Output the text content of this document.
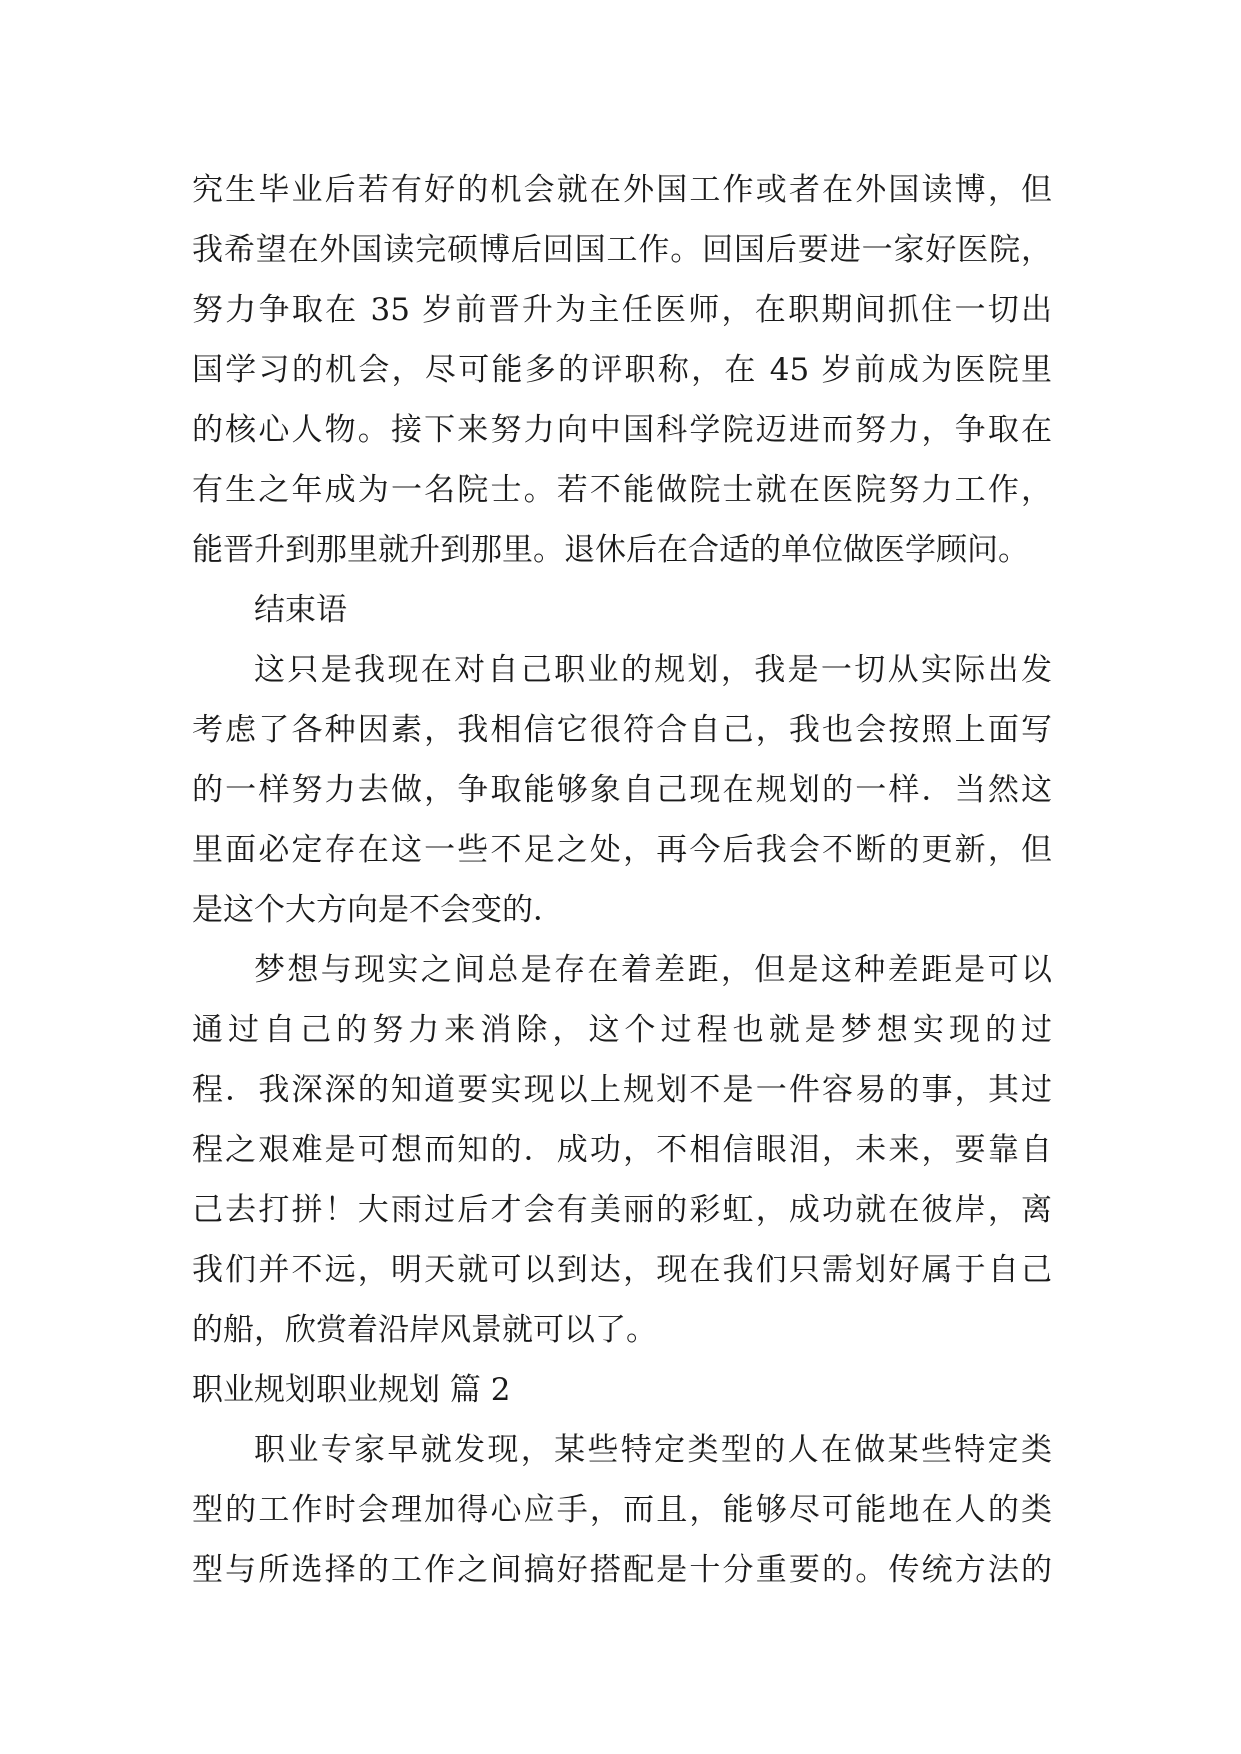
究生毕业后若有好的机会就在外国工作或者在外国读博，但
我希望在外国读完硕博后回国工作。回国后要进一家好医院，
努力争取在 35 岁前晋升为主任医师，在职期间抓住一切出
国学习的机会，尽可能多的评职称，在 45 岁前成为医院里
的核心人物。接下来努力向中国科学院迈进而努力，争取在
有生之年成为一名院士。若不能做院士就在医院努力工作，
能晋升到那里就升到那里。退休后在合适的单位做医学顾问。
结束语
这只是我现在对自己职业的规划，我是一切从实际出发
考虑了各种因素，我相信它很符合自己，我也会按照上面写
的一样努力去做，争取能够象自己现在规划的一样．当然这
里面必定存在这一些不足之处，再今后我会不断的更新，但
是这个大方向是不会变的．
梦想与现实之间总是存在着差距，但是这种差距是可以
通过自己的努力来消除，这个过程也就是梦想实现的过
程．我深深的知道要实现以上规划不是一件容易的事，其过
程之艰难是可想而知的．成功，不相信眼泪，未来，要靠自
己去打拼！大雨过后才会有美丽的彩虹，成功就在彼岸，离
我们并不远，明天就可以到达，现在我们只需划好属于自己
的船，欣赏着沿岸风景就可以了。
职业规划职业规划 篇 2
职业专家早就发现，某些特定类型的人在做某些特定类
型的工作时会理加得心应手，而且，能够尽可能地在人的类
型与所选择的工作之间搞好搭配是十分重要的。传统方法的
